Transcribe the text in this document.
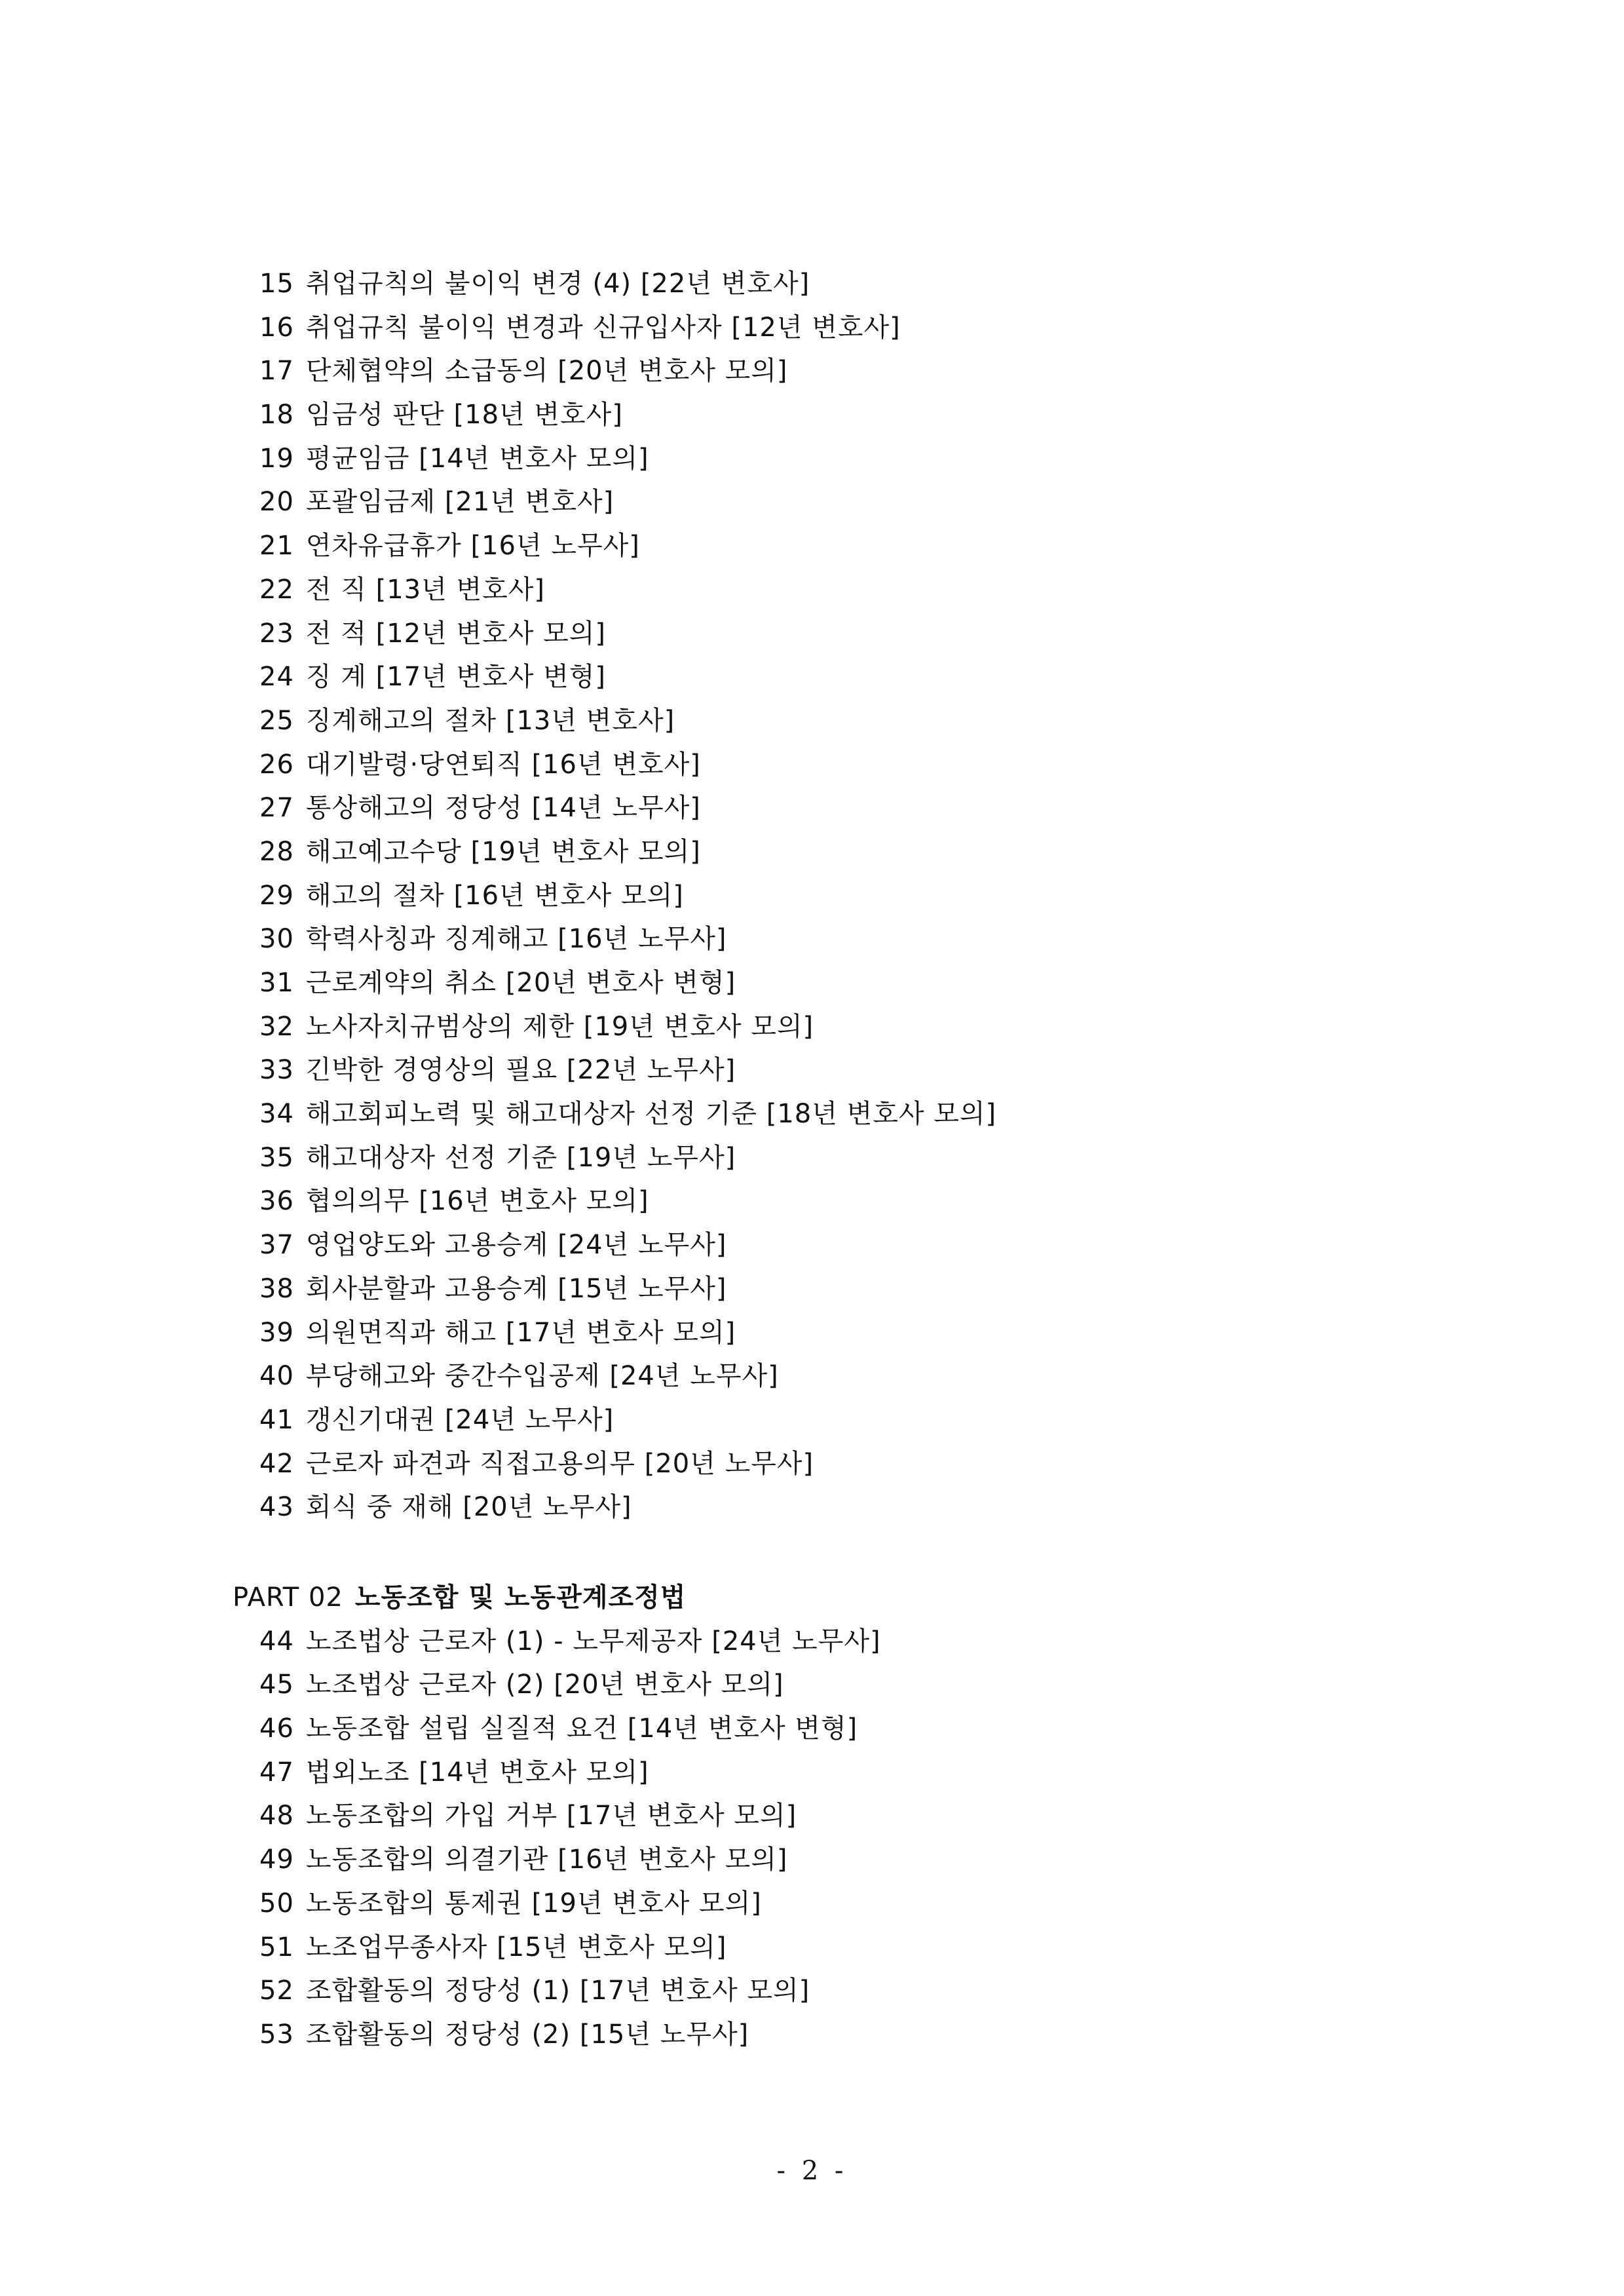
15 취업규칙의 불이익 변경 (4) [22년 변호사]
16 취업규칙 불이익 변경과 신규입사자 [12년 변호사]
17 단체협약의 소급동의 [20년 변호사 모의]
18 임금성 판단 [18년 변호사]
19 평균임금 [14년 변호사 모의]
20 포괄임금제 [21년 변호사]
21 연차유급휴가 [16년 노무사]
22 전 직 [13년 변호사]
23 전 적 [12년 변호사 모의]
24 징 계 [17년 변호사 변형]
25 징계해고의 절차 [13년 변호사]
26 대기발령·당연퇴직 [16년 변호사]
27 통상해고의 정당성 [14년 노무사]
28 해고예고수당 [19년 변호사 모의]
29 해고의 절차 [16년 변호사 모의]
30 학력사칭과 징계해고 [16년 노무사]
31 근로계약의 취소 [20년 변호사 변형]
32 노사자치규범상의 제한 [19년 변호사 모의]
33 긴박한 경영상의 필요 [22년 노무사]
34 해고회피노력 및 해고대상자 선정 기준 [18년 변호사 모의]
35 해고대상자 선정 기준 [19년 노무사]
36 협의의무 [16년 변호사 모의]
37 영업양도와 고용승계 [24년 노무사]
38 회사분할과 고용승계 [15년 노무사]
39 의원면직과 해고 [17년 변호사 모의]
40 부당해고와 중간수입공제 [24년 노무사]
41 갱신기대권 [24년 노무사]
42 근로자 파견과 직접고용의무 [20년 노무사]
43 회식 중 재해 [20년 노무사]
PART 02 노동조합 및 노동관계조정법
44 노조법상 근로자 (1) - 노무제공자 [24년 노무사]
45 노조법상 근로자 (2) [20년 변호사 모의]
46 노동조합 설립 실질적 요건 [14년 변호사 변형]
47 법외노조 [14년 변호사 모의]
48 노동조합의 가입 거부 [17년 변호사 모의]
49 노동조합의 의결기관 [16년 변호사 모의]
50 노동조합의 통제권 [19년 변호사 모의]
51 노조업무종사자 [15년 변호사 모의]
52 조합활동의 정당성 (1) [17년 변호사 모의]
53 조합활동의 정당성 (2) [15년 노무사]
- 2 -
